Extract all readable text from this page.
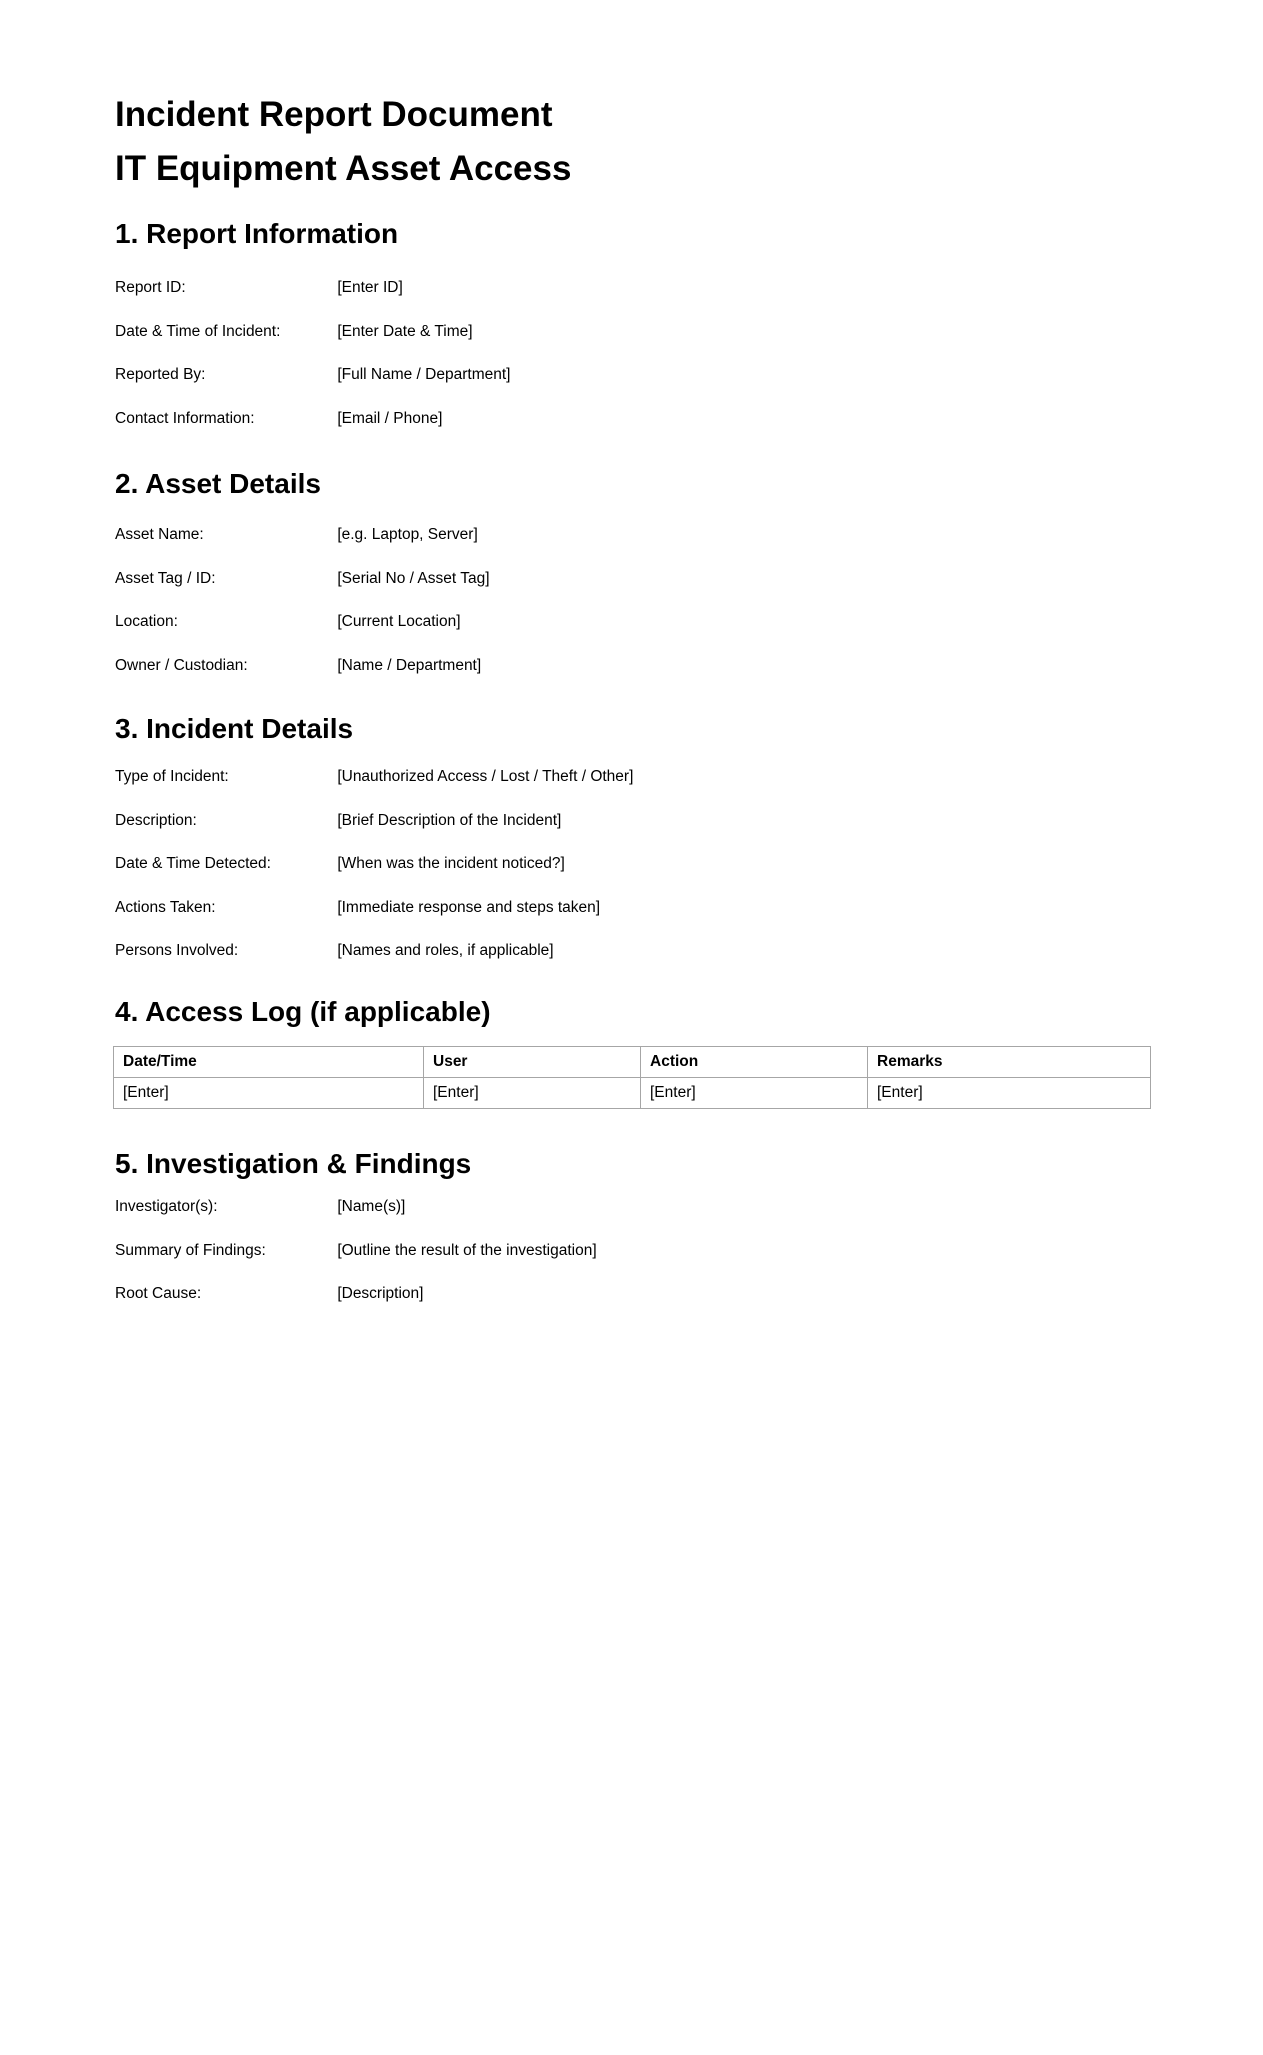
Incident Report Document
IT Equipment Asset Access
1. Report Information
Report ID:	[Enter ID]
Date & Time of Incident:	[Enter Date & Time]
Reported By:	[Full Name / Department]
Contact Information:	[Email / Phone]
2. Asset Details
Asset Name:	[e.g. Laptop, Server]
Asset Tag / ID:	[Serial No / Asset Tag]
Location:	[Current Location]
Owner / Custodian:	[Name / Department]
3. Incident Details
Type of Incident:	[Unauthorized Access / Lost / Theft / Other]
Description:	[Brief Description of the Incident]
Date & Time Detected:	[When was the incident noticed?]
Actions Taken:	[Immediate response and steps taken]
Persons Involved:	[Names and roles, if applicable]
4. Access Log (if applicable)
Date/Time	User	Action	Remarks
[Enter]	[Enter]	[Enter]	[Enter]
5. Investigation & Findings
Investigator(s):	[Name(s)]
Summary of Findings:	[Outline the result of the investigation]
Root Cause:	[Description]
